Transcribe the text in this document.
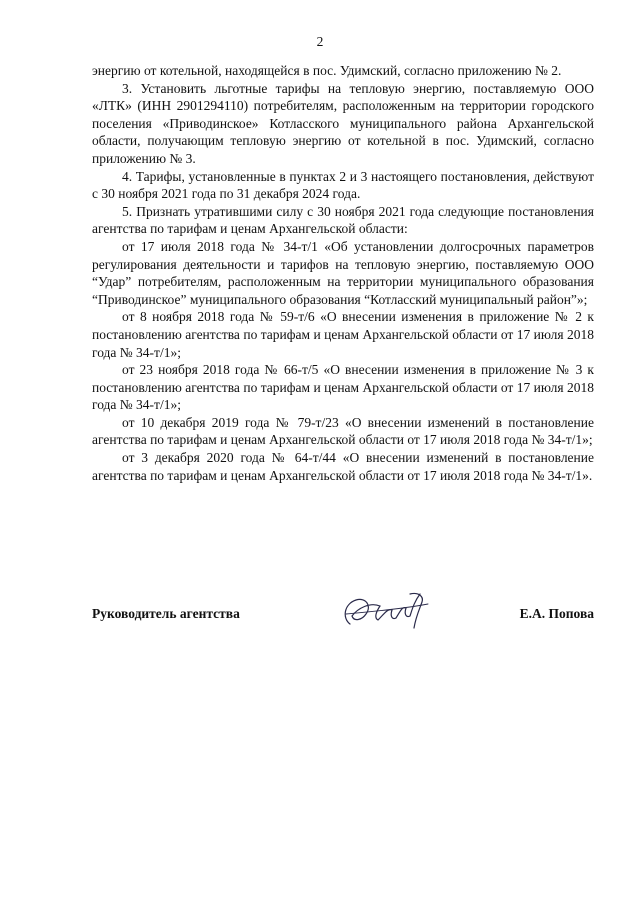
2

энергию от котельной, находящейся в пос. Удимский, согласно приложению № 2.

3. Установить льготные тарифы на тепловую энергию, поставляемую ООО «ЛТК» (ИНН 2901294110) потребителям, расположенным на территории городского поселения «Приводинское» Котласского муниципального района Архангельской области, получающим тепловую энергию от котельной в пос. Удимский, согласно приложению № 3.

4. Тарифы, установленные в пунктах 2 и 3 настоящего постановления, действуют с 30 ноября 2021 года по 31 декабря 2024 года.

5. Признать утратившими силу с 30 ноября 2021 года следующие постановления агентства по тарифам и ценам Архангельской области:

от 17 июля 2018 года № 34-т/1 «Об установлении долгосрочных параметров регулирования деятельности и тарифов на тепловую энергию, поставляемую ООО “Удар” потребителям, расположенным на территории муниципального образования “Приводинское” муниципального образования “Котласский муниципальный район”»;

от 8 ноября 2018 года № 59-т/6 «О внесении изменения в приложение № 2 к постановлению агентства по тарифам и ценам Архангельской области от 17 июля 2018 года № 34-т/1»;

от 23 ноября 2018 года № 66-т/5 «О внесении изменения в приложение № 3 к постановлению агентства по тарифам и ценам Архангельской области от 17 июля 2018 года № 34-т/1»;

от 10 декабря 2019 года № 79-т/23 «О внесении изменений в постановление агентства по тарифам и ценам Архангельской области от 17 июля 2018 года № 34-т/1»;

от 3 декабря 2020 года № 64-т/44 «О внесении изменений в постановление агентства по тарифам и ценам Архангельской области от 17 июля 2018 года № 34-т/1».

Руководитель агентства	Е.А. Попова
